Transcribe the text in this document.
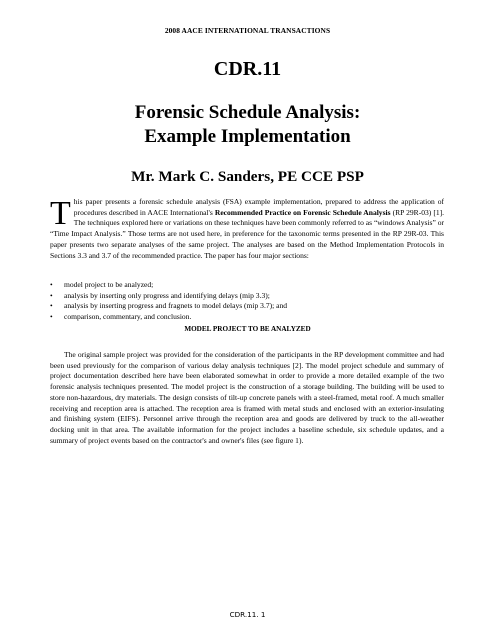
2008 AACE INTERNATIONAL TRANSACTIONS
CDR.11
Forensic Schedule Analysis:
Example Implementation
Mr. Mark C. Sanders, PE CCE PSP
This paper presents a forensic schedule analysis (FSA) example implementation, prepared to address the application of procedures described in AACE International's Recommended Practice on Forensic Schedule Analysis (RP 29R-03) [1]. The techniques explored here or variations on these techniques have been commonly referred to as “windows Analysis” or “Time Impact Analysis.” Those terms are not used here, in preference for the taxonomic terms presented in the RP 29R-03. This paper presents two separate analyses of the same project. The analyses are based on the Method Implementation Protocols in Sections 3.3 and 3.7 of the recommended practice. The paper has four major sections:
• model project to be analyzed;
• analysis by inserting only progress and identifying delays (mip 3.3);
• analysis by inserting progress and fragnets to model delays (mip 3.7); and
• comparison, commentary, and conclusion.
MODEL PROJECT TO BE ANALYZED
The original sample project was provided for the consideration of the participants in the RP development committee and had been used previously for the comparison of various delay analysis techniques [2]. The model project schedule and summary of project documentation described here have been elaborated somewhat in order to provide a more detailed example of the two forensic analysis techniques presented. The model project is the construction of a storage building. The building will be used to store non-hazardous, dry materials. The design consists of tilt-up concrete panels with a steel-framed, metal roof. A much smaller receiving and reception area is attached. The reception area is framed with metal studs and enclosed with an exterior-insulating and finishing system (EIFS). Personnel arrive through the reception area and goods are delivered by truck to the all-weather docking unit in that area. The available information for the project includes a baseline schedule, six schedule updates, and a summary of project events based on the contractor's and owner's files (see figure 1).
CDR.11. 1
